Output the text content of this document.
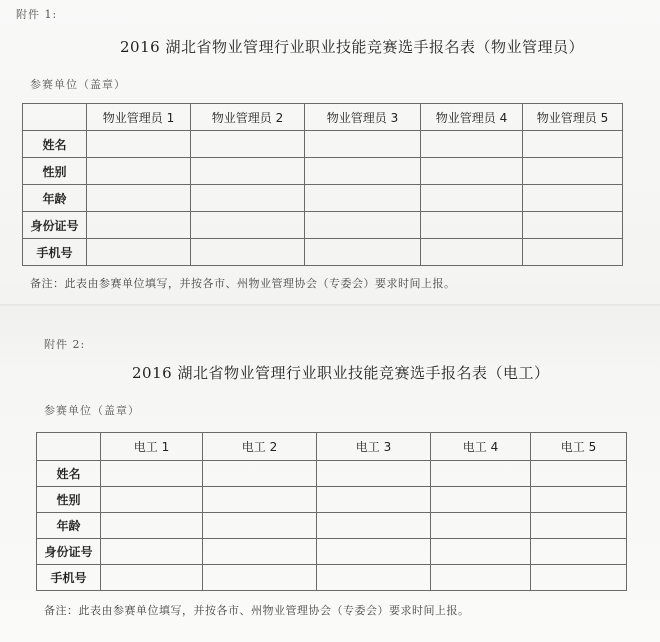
附件 1:
2016 湖北省物业管理行业职业技能竞赛选手报名表（物业管理员）
参赛单位（盖章）
	物业管理员 1	物业管理员 2	物业管理员 3	物业管理员 4	物业管理员 5
姓名					
性别					
年龄					
身份证号					
手机号					
备注：此表由参赛单位填写，并按各市、州物业管理协会（专委会）要求时间上报。
附件 2:
2016 湖北省物业管理行业职业技能竞赛选手报名表（电工）
参赛单位（盖章）
	电工 1	电工 2	电工 3	电工 4	电工 5
姓名					
性别					
年龄					
身份证号					
手机号					
备注：此表由参赛单位填写，并按各市、州物业管理协会（专委会）要求时间上报。
